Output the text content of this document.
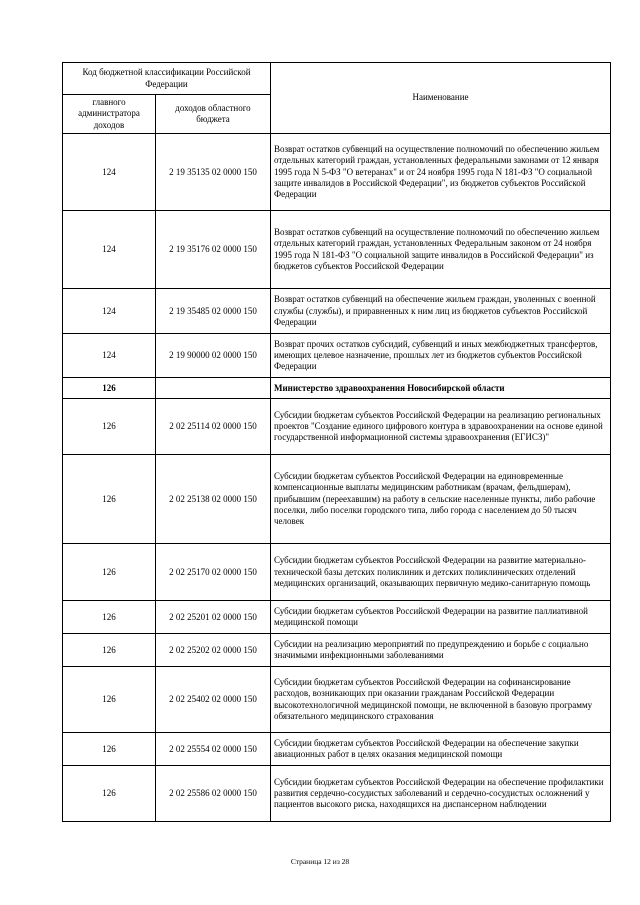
Код бюджетной классификации Российской Федерации		Наименование
главного администратора доходов	доходов областного бюджета	
124	2 19 35135 02 0000 150	Возврат остатков субвенций на осуществление полномочий по обеспечению жильем отдельных категорий граждан, установленных федеральными законами от 12 января 1995 года N 5-ФЗ "О ветеранах" и от 24 ноября 1995 года N 181-ФЗ "О социальной защите инвалидов в Российской Федерации", из бюджетов субъектов Российской Федерации
124	2 19 35176 02 0000 150	Возврат остатков субвенций на осуществление полномочий по обеспечению жильем отдельных категорий граждан, установленных Федеральным законом от 24 ноября 1995 года N 181-ФЗ "О социальной защите инвалидов в Российской Федерации" из бюджетов субъектов Российской Федерации
124	2 19 35485 02 0000 150	Возврат остатков субвенций на обеспечение жильем граждан, уволенных с военной службы (службы), и приравненных к ним лиц из бюджетов субъектов Российской Федерации
124	2 19 90000 02 0000 150	Возврат прочих остатков субсидий, субвенций и иных межбюджетных трансфертов, имеющих целевое назначение, прошлых лет из бюджетов субъектов Российской Федерации
126		Министерство здравоохранения Новосибирской области
126	2 02 25114 02 0000 150	Субсидии бюджетам субъектов Российской Федерации на реализацию региональных проектов "Создание единого цифрового контура в здравоохранении на основе единой государственной информационной системы здравоохранения (ЕГИСЗ)"
126	2 02 25138 02 0000 150	Субсидии бюджетам субъектов Российской Федерации на единовременные компенсационные выплаты медицинским работникам (врачам, фельдшерам), прибывшим (переехавшим) на работу в сельские населенные пункты, либо рабочие поселки, либо поселки городского типа, либо города с населением до 50 тысяч человек
126	2 02 25170 02 0000 150	Субсидии бюджетам субъектов Российской Федерации на развитие материально-технической базы детских поликлиник и детских поликлинических отделений медицинских организаций, оказывающих первичную медико-санитарную помощь
126	2 02 25201 02 0000 150	Субсидии бюджетам субъектов Российской Федерации на развитие паллиативной медицинской помощи
126	2 02 25202 02 0000 150	Субсидии на реализацию мероприятий по предупреждению и борьбе с социально значимыми инфекционными заболеваниями
126	2 02 25402 02 0000 150	Субсидии бюджетам субъектов Российской Федерации на софинансирование расходов, возникающих при оказании гражданам Российской Федерации высокотехнологичной медицинской помощи, не включенной в базовую программу обязательного медицинского страхования
126	2 02 25554 02 0000 150	Субсидии бюджетам субъектов Российской Федерации на обеспечение закупки авиационных работ в целях оказания медицинской помощи
126	2 02 25586 02 0000 150	Субсидии бюджетам субъектов Российской Федерации на обеспечение профилактики развития сердечно-сосудистых заболеваний и сердечно-сосудистых осложнений у пациентов высокого риска, находящихся на диспансерном наблюдении
Страница 12 из 28
